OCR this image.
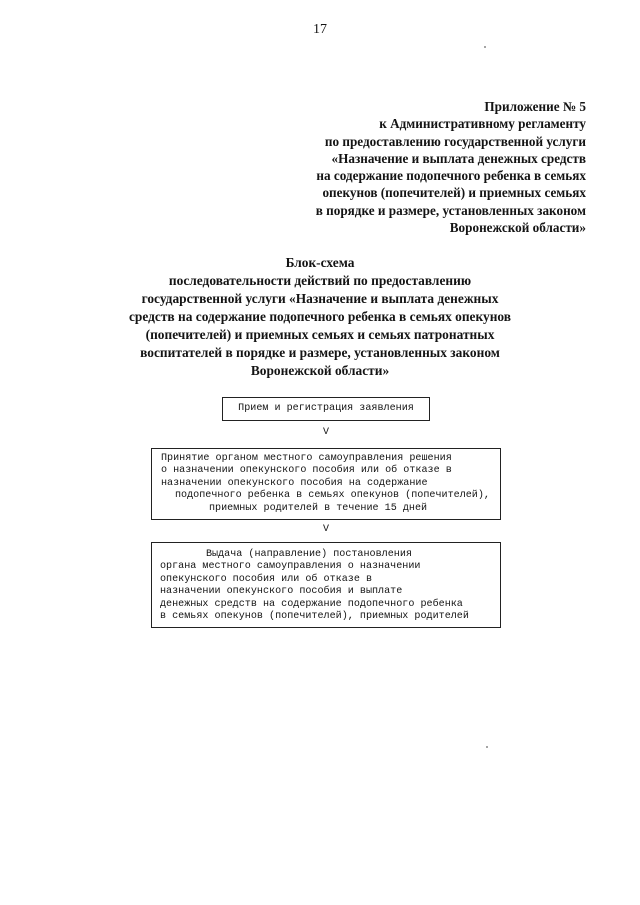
17
Приложение № 5
к Административному регламенту
по предоставлению государственной услуги
«Назначение и выплата денежных средств
на содержание подопечного ребенка в семьях
опекунов (попечителей) и приемных семьях
в порядке и размере, установленных законом
Воронежской области»
Блок-схема
последовательности действий по предоставлению
государственной услуги «Назначение и выплата денежных
средств на содержание подопечного ребенка в семьях опекунов
(попечителей) и приемных семьях и семьях патронатных
воспитателей в порядке и размере, установленных законом
Воронежской области»
Прием и регистрация заявления
V
Принятие органом местного самоуправления решения
о назначении опекунского пособия или об отказе в
назначении опекунского пособия на содержание
подопечного ребенка в семьях опекунов (попечителей),
приемных родителей в течение 15 дней
V
Выдача (направление) постановления
органа местного самоуправления о назначении
опекунского пособия или об отказе в
назначении опекунского пособия и выплате
денежных средств на содержание подопечного ребенка
в семьях опекунов (попечителей), приемных родителей
